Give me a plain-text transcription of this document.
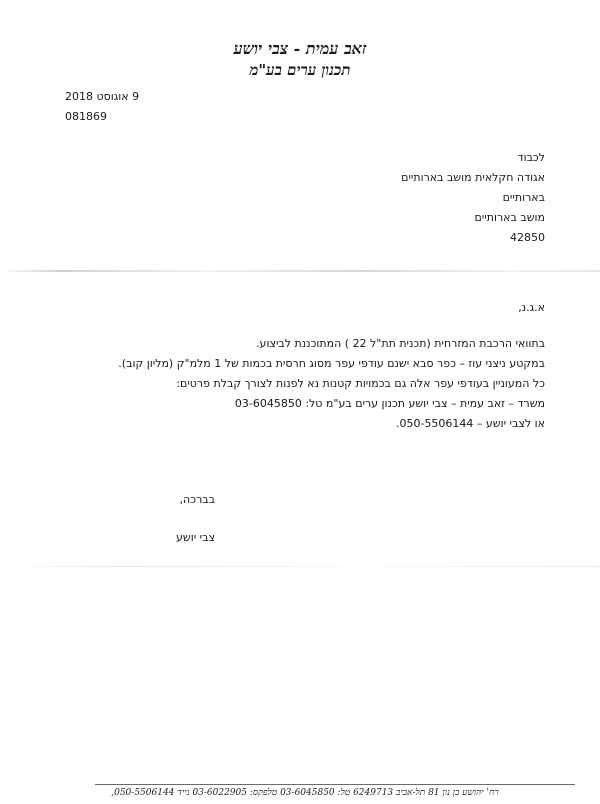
זאב עמית - צבי יושע
תכנון ערים בע"מ
9 אוגוסט 2018
081869
לכבוד
אגודה חקלאית מושב בארותיים
בארותיים
מושב בארותיים
42850
א.ג.נ,
בתוואי הרכבת המזרחית (תכנית תת"ל 22 ) המתוכננת לביצוע.
במקטע ניצני עוז – כפר סבא ישנם עודפי עפר מסוג חרסית בכמות של 1 מלמ"ק (מליון קוב).
כל המעוניין בעודפי עפר אלה גם בכמויות קטנות נא לפנות לצורך קבלת פרטים:
משרד – זאב עמית – צבי יושע תכנון ערים בע"מ טל: 03-6045850
או לצבי יושע – 050-5506144.
בברכה,
צבי יושע
רח' יהושע בן נון 81 תל-אביב 6249713 טל: 03-6045850 טלפקס: 03-6022905 נייד 050-5506144,
